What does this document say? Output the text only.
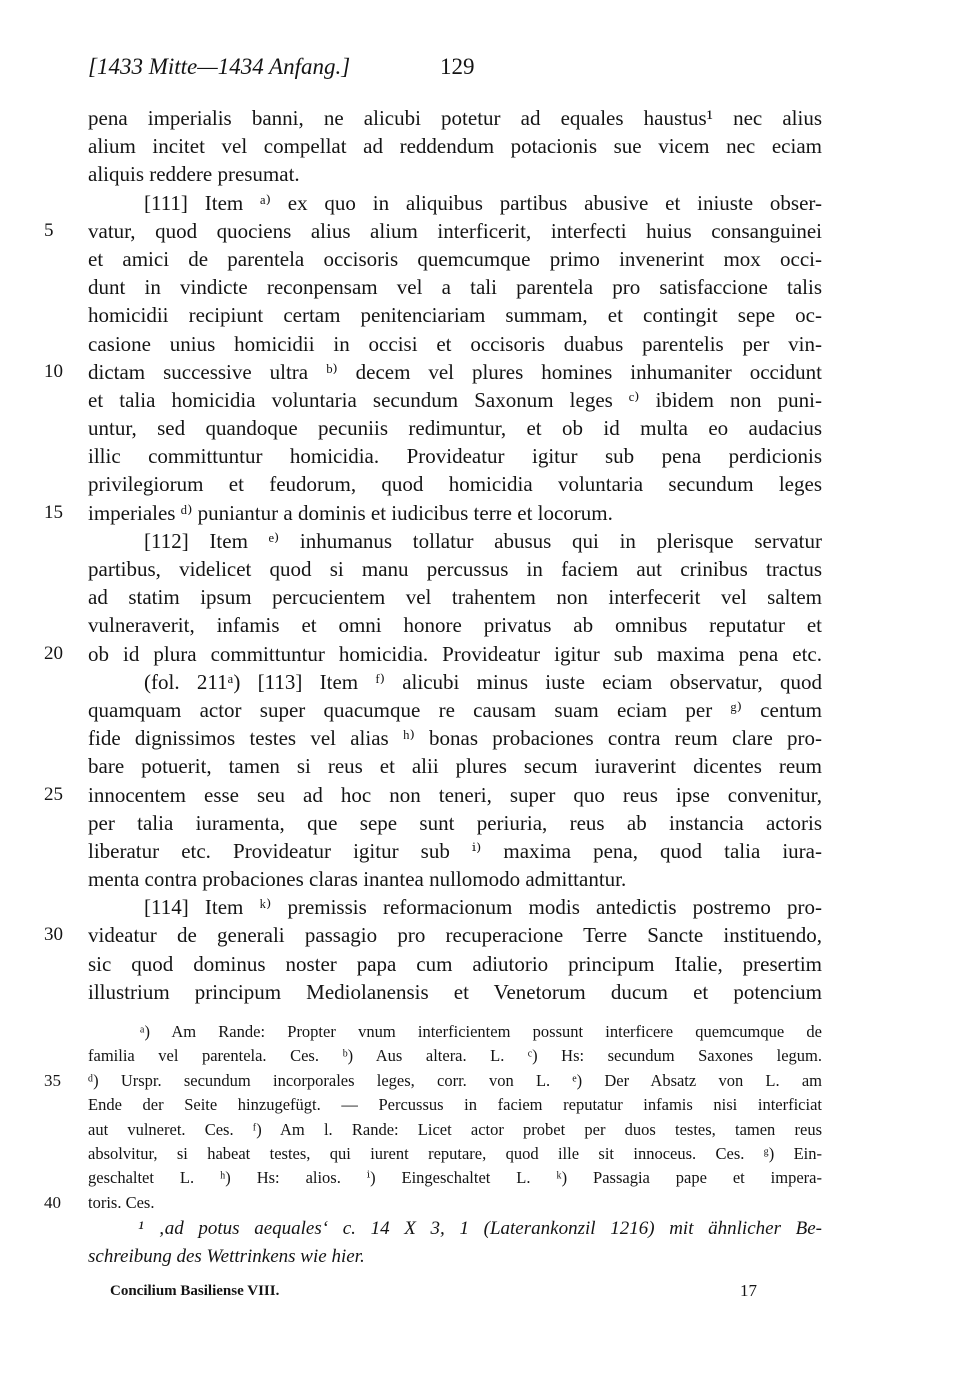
[1433 Mitte—1434 Anfang.]	129
pena imperialis banni, ne alicubi potetur ad equales haustus¹ nec alius
alium incitet vel compellat ad reddendum potacionis sue vicem nec eciam
aliquis reddere presumat.
[111] Item ᵃ⁾ ex quo in aliquibus partibus abusive et iniuste obser-
5	vatur, quod quociens alius alium interficerit, interfecti huius consanguinei
et amici de parentela occisoris quemcumque primo invenerint mox occi-
dunt in vindicte reconpensam vel a tali parentela pro satisfaccione talis
homicidii recipiunt certam penitenciariam summam, et contingit sepe oc-
casione unius homicidii in occisi et occisoris duabus parentelis per vin-
10	dictam successive ultra ᵇ⁾ decem vel plures homines inhumaniter occidunt
et talia homicidia voluntaria secundum Saxonum leges ᶜ⁾ ibidem non puni-
untur, sed quandoque pecuniis redimuntur, et ob id multa eo audacius
illic committuntur homicidia. Provideatur igitur sub pena perdicionis
privilegiorum et feudorum, quod homicidia voluntaria secundum leges
15	imperiales ᵈ⁾ puniantur a dominis et iudicibus terre et locorum.
[112] Item ᵉ⁾ inhumanus tollatur abusus qui in plerisque servatur
partibus, videlicet quod si manu percussus in faciem aut crinibus tractus
ad statim ipsum percucientem vel trahentem non interfecerit vel saltem
vulneraverit, infamis et omni honore privatus ab omnibus reputatur et
20	ob id plura committuntur homicidia. Provideatur igitur sub maxima pena etc.
(fol. 211ᵃ) [113] Item ᶠ⁾ alicubi minus iuste eciam observatur, quod
quamquam actor super quacumque re causam suam eciam per ᵍ⁾ centum
fide dignissimos testes vel alias ʰ⁾ bonas probaciones contra reum clare pro-
bare potuerit, tamen si reus et alii plures secum iuraverint dicentes reum
25	innocentem esse seu ad hoc non teneri, super quo reus ipse convenitur,
per talia iuramenta, que sepe sunt periuria, reus ab instancia actoris
liberatur etc. Provideatur igitur sub ⁱ⁾ maxima pena, quod talia iura-
menta contra probaciones claras inantea nullomodo admittantur.
[114] Item ᵏ⁾ premissis reformacionum modis antedictis postremo pro-
30	videatur de generali passagio pro recuperacione Terre Sancte instituendo,
sic quod dominus noster papa cum adiutorio principum Italie, presertim
illustrium principum Mediolanensis et Venetorum ducum et potencium
ᵃ) Am Rande: Propter vnum interficientem possunt interficere quemcumque de
familia vel parentela. Ces. ᵇ) Aus altera. L. ᶜ) Hs: secundum Saxones legum.
35	ᵈ) Urspr. secundum incorporales leges, corr. von L. ᵉ) Der Absatz von L. am
Ende der Seite hinzugefügt. — Percussus in faciem reputatur infamis nisi interficiat
aut vulneret. Ces. ᶠ) Am l. Rande: Licet actor probet per duos testes, tamen reus
absolvitur, si habeat testes, qui iurent reputare, quod ille sit innoceus. Ces. ᵍ) Ein-
geschaltet L. ʰ) Hs: alios. ⁱ) Eingeschaltet L. ᵏ) Passagia pape et impera-
40	toris. Ces.
¹ ‚ad potus aequales‘ c. 14 X 3, 1 (Laterankonzil 1216) mit ähnlicher Be-
schreibung des Wettrinkens wie hier.
Concilium Basiliense VIII.	17
